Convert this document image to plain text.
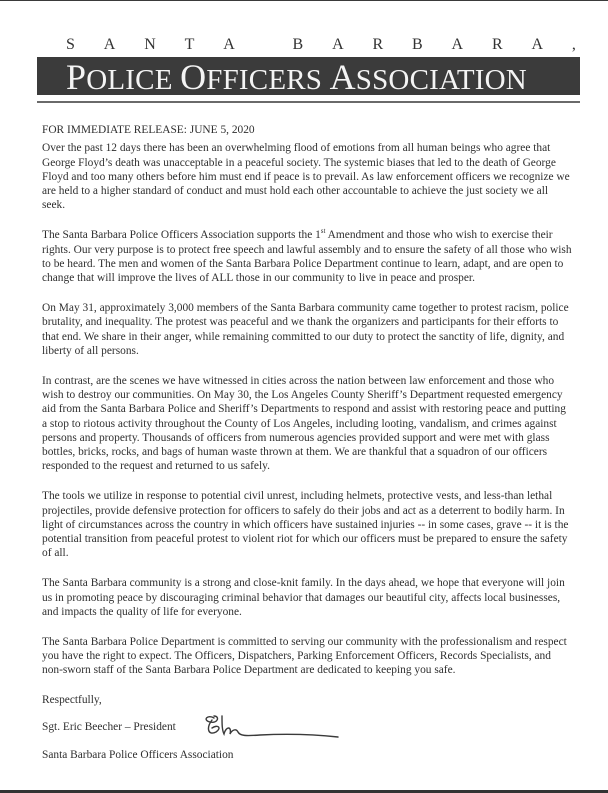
S A N T A	B A R B A R A ,
POLICE OFFICERS ASSOCIATION

FOR IMMEDIATE RELEASE: JUNE 5, 2020

Over the past 12 days there has been an overwhelming flood of emotions from all human beings who agree that George Floyd’s death was unacceptable in a peaceful society. The systemic biases that led to the death of George Floyd and too many others before him must end if peace is to prevail. As law enforcement officers we recognize we are held to a higher standard of conduct and must hold each other accountable to achieve the just society we all seek.

The Santa Barbara Police Officers Association supports the 1st Amendment and those who wish to exercise their rights. Our very purpose is to protect free speech and lawful assembly and to ensure the safety of all those who wish to be heard. The men and women of the Santa Barbara Police Department continue to learn, adapt, and are open to change that will improve the lives of ALL those in our community to live in peace and prosper.

On May 31, approximately 3,000 members of the Santa Barbara community came together to protest racism, police brutality, and inequality. The protest was peaceful and we thank the organizers and participants for their efforts to that end. We share in their anger, while remaining committed to our duty to protect the sanctity of life, dignity, and liberty of all persons.

In contrast, are the scenes we have witnessed in cities across the nation between law enforcement and those who wish to destroy our communities. On May 30, the Los Angeles County Sheriff’s Department requested emergency aid from the Santa Barbara Police and Sheriff’s Departments to respond and assist with restoring peace and putting a stop to riotous activity throughout the County of Los Angeles, including looting, vandalism, and crimes against persons and property. Thousands of officers from numerous agencies provided support and were met with glass bottles, bricks, rocks, and bags of human waste thrown at them. We are thankful that a squadron of our officers responded to the request and returned to us safely.

The tools we utilize in response to potential civil unrest, including helmets, protective vests, and less-than lethal projectiles, provide defensive protection for officers to safely do their jobs and act as a deterrent to bodily harm. In light of circumstances across the country in which officers have sustained injuries -- in some cases, grave -- it is the potential transition from peaceful protest to violent riot for which our officers must be prepared to ensure the safety of all.

The Santa Barbara community is a strong and close-knit family. In the days ahead, we hope that everyone will join us in promoting peace by discouraging criminal behavior that damages our beautiful city, affects local businesses, and impacts the quality of life for everyone.

The Santa Barbara Police Department is committed to serving our community with the professionalism and respect you have the right to expect. The Officers, Dispatchers, Parking Enforcement Officers, Records Specialists, and non-sworn staff of the Santa Barbara Police Department are dedicated to keeping you safe.

Respectfully,

Sgt. Eric Beecher – President

Santa Barbara Police Officers Association
